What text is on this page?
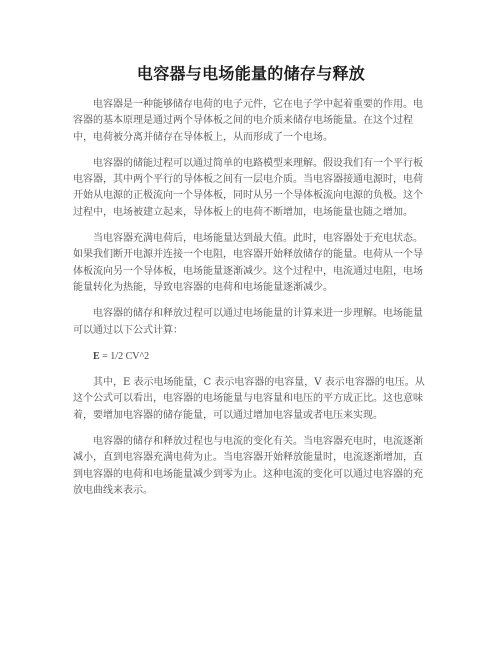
电容器与电场能量的储存与释放

电容器是一种能够储存电荷的电子元件，它在电子学中起着重要的作用。电容器的基本原理是通过两个导体板之间的电介质来储存电场能量。在这个过程中，电荷被分离并储存在导体板上，从而形成了一个电场。

电容器的储能过程可以通过简单的电路模型来理解。假设我们有一个平行板电容器，其中两个平行的导体板之间有一层电介质。当电容器接通电源时，电荷开始从电源的正极流向一个导体板，同时从另一个导体板流向电源的负极。这个过程中，电场被建立起来，导体板上的电荷不断增加，电场能量也随之增加。

当电容器充满电荷后，电场能量达到最大值。此时，电容器处于充电状态。如果我们断开电源并连接一个电阻，电容器开始释放储存的能量。电荷从一个导体板流向另一个导体板，电场能量逐渐减少。这个过程中，电流通过电阻，电场能量转化为热能，导致电容器的电荷和电场能量逐渐减少。

电容器的储存和释放过程可以通过电场能量的计算来进一步理解。电场能量可以通过以下公式计算：

E = 1/2 CV^2

其中，E 表示电场能量，C 表示电容器的电容量，V 表示电容器的电压。从这个公式可以看出，电容器的电场能量与电容量和电压的平方成正比。这也意味着，要增加电容器的储存能量，可以通过增加电容量或者电压来实现。

电容器的储存和释放过程也与电流的变化有关。当电容器充电时，电流逐渐减小，直到电容器充满电荷为止。当电容器开始释放能量时，电流逐渐增加，直到电容器的电荷和电场能量减少到零为止。这种电流的变化可以通过电容器的充放电曲线来表示。
